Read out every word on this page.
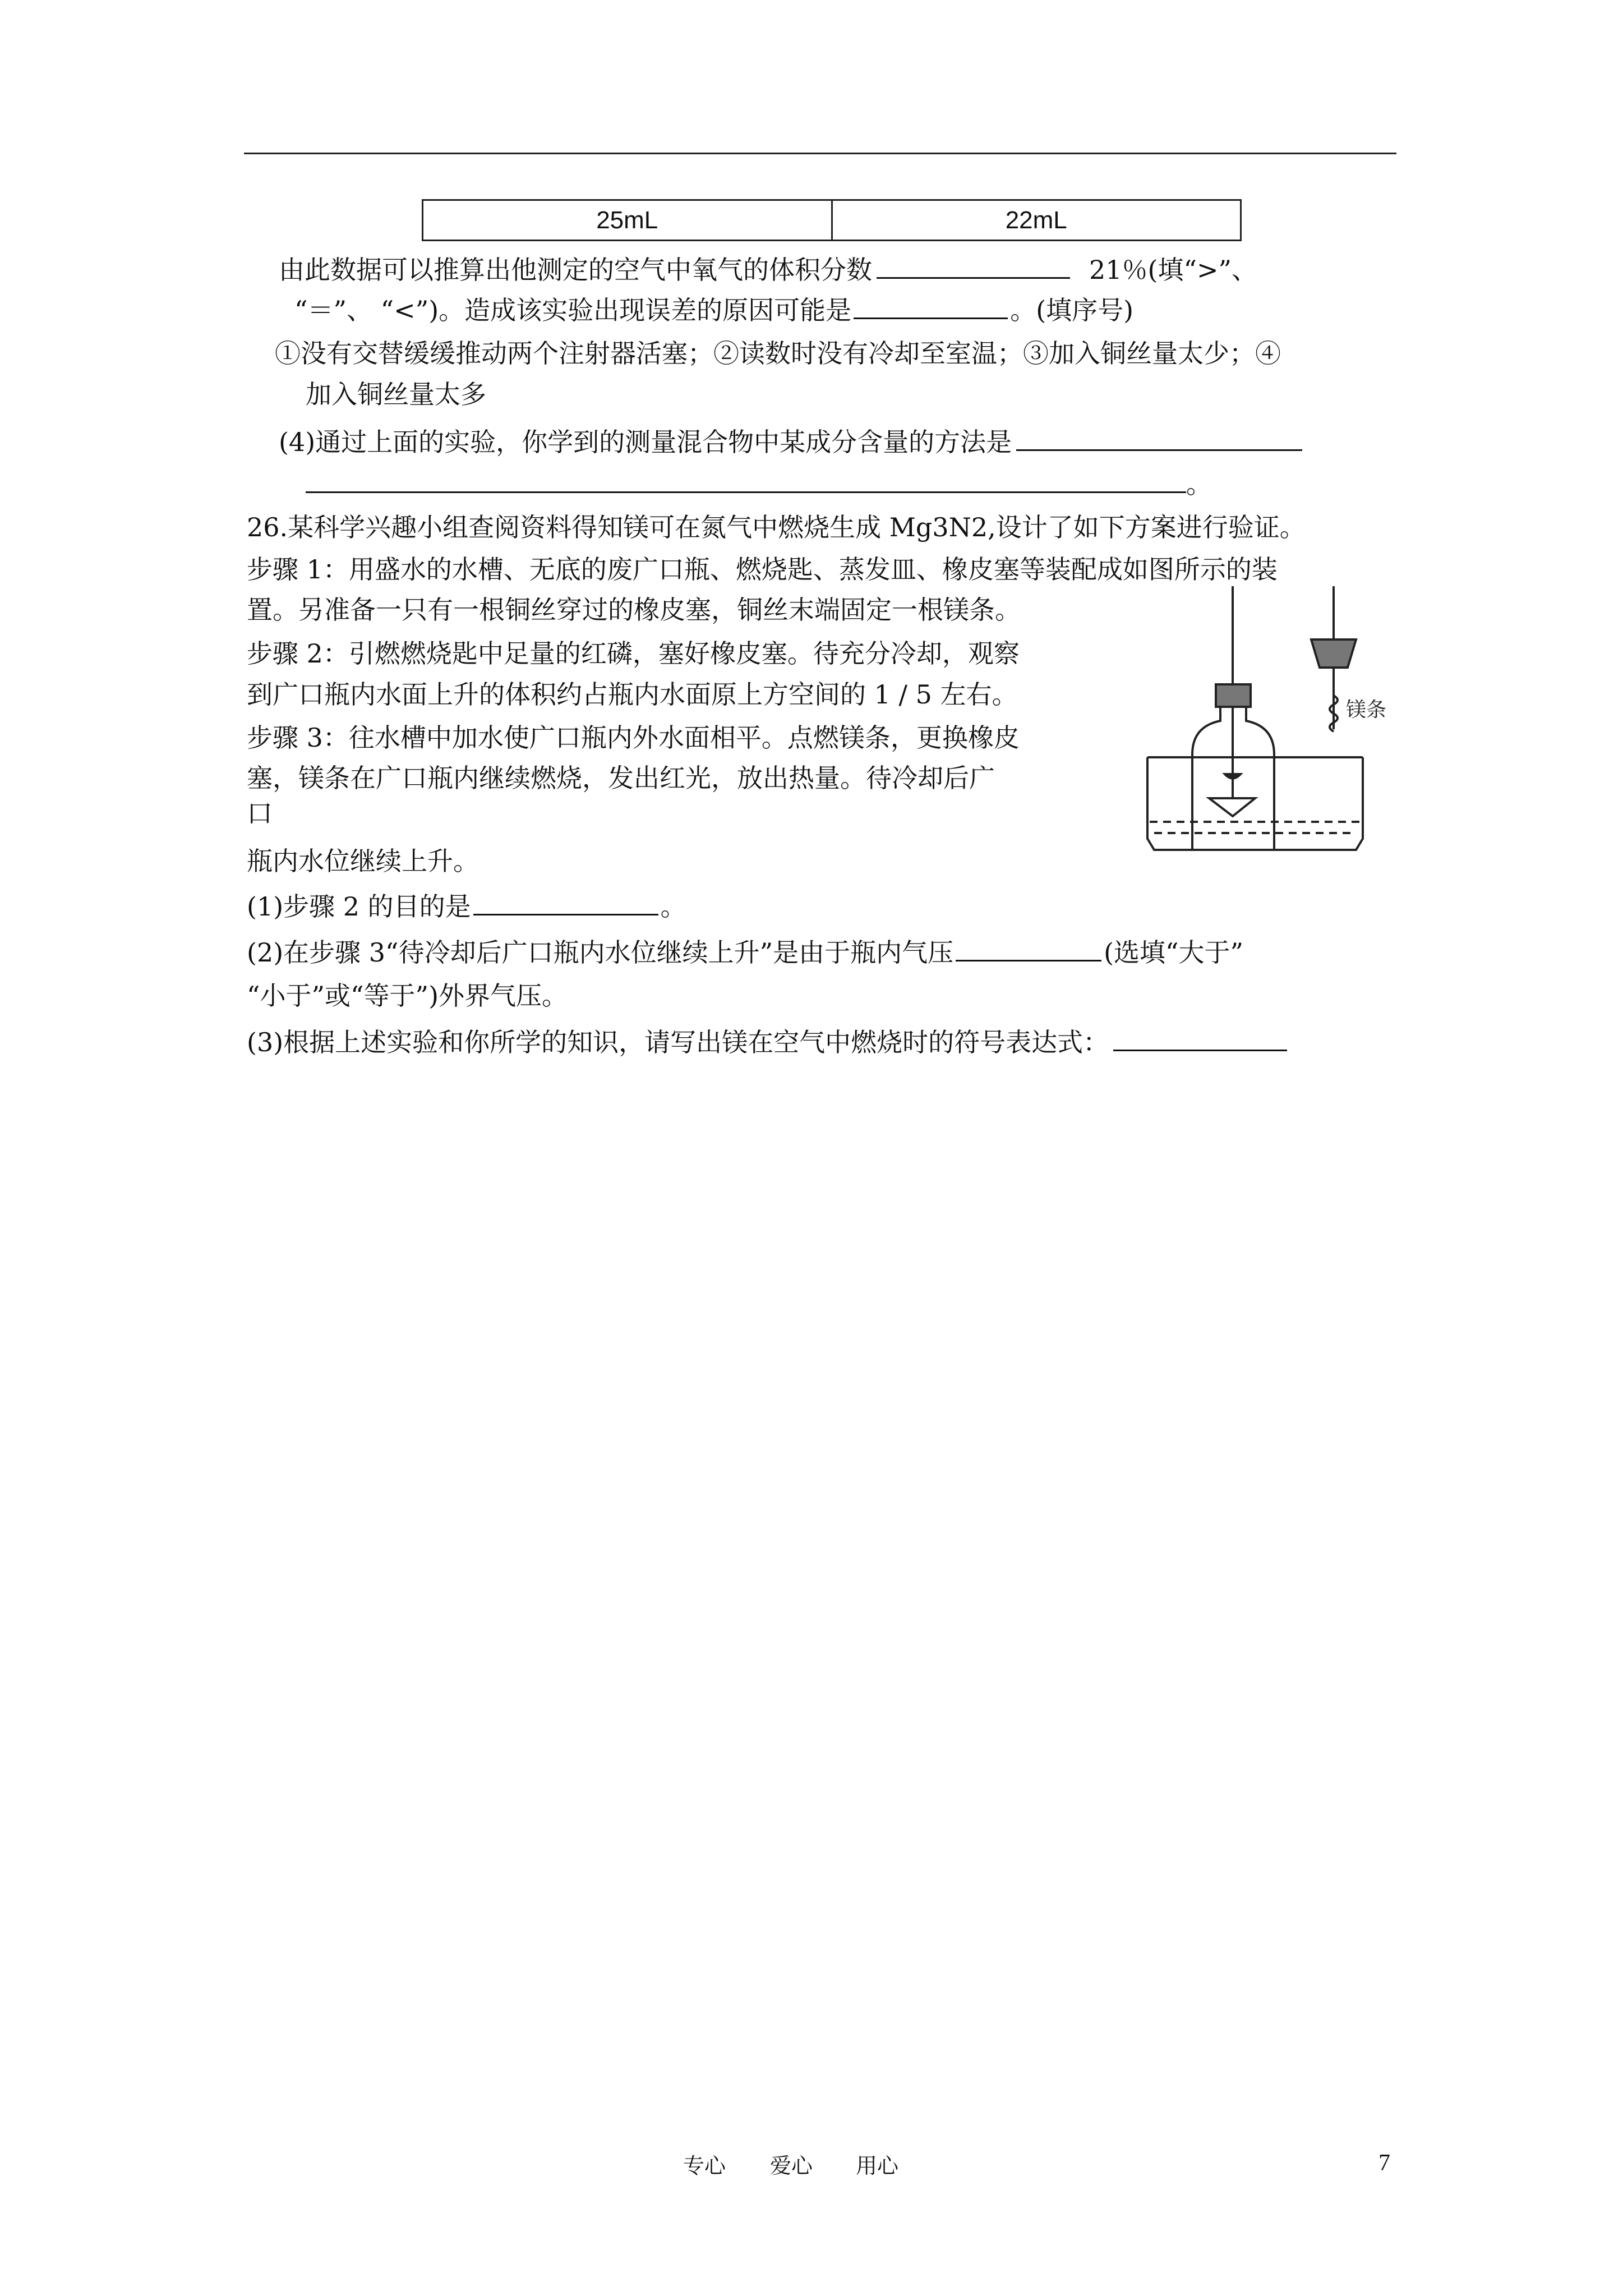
25mL	22mL
由此数据可以推算出他测定的空气中氧气的体积分数	21％(填“>”、
“＝”、 “<”)。造成该实验出现误差的原因可能是	。(填序号)
①没有交替缓缓推动两个注射器活塞；②读数时没有冷却至室温；③加入铜丝量太少；④
加入铜丝量太多
(4)通过上面的实验，你学到的测量混合物中某成分含量的方法是
。
26.某科学兴趣小组查阅资料得知镁可在氮气中燃烧生成 Mg3N2,设计了如下方案进行验证。
步骤 1：用盛水的水槽、无底的废广口瓶、燃烧匙、蒸发皿、橡皮塞等装配成如图所示的装
置。另准备一只有一根铜丝穿过的橡皮塞，铜丝末端固定一根镁条。
步骤 2：引燃燃烧匙中足量的红磷，塞好橡皮塞。待充分冷却，观察
到广口瓶内水面上升的体积约占瓶内水面原上方空间的 1 / 5 左右。
步骤 3：往水槽中加水使广口瓶内外水面相平。点燃镁条，更换橡皮
塞，镁条在广口瓶内继续燃烧，发出红光，放出热量。待冷却后广
口
瓶内水位继续上升。
(1)步骤 2 的目的是	。
(2)在步骤 3“待冷却后广口瓶内水位继续上升”是由于瓶内气压	(选填“大于”
“小于”或“等于”)外界气压。
(3)根据上述实验和你所学的知识，请写出镁在空气中燃烧时的符号表达式：
镁条
专心 爱心 用心	7
